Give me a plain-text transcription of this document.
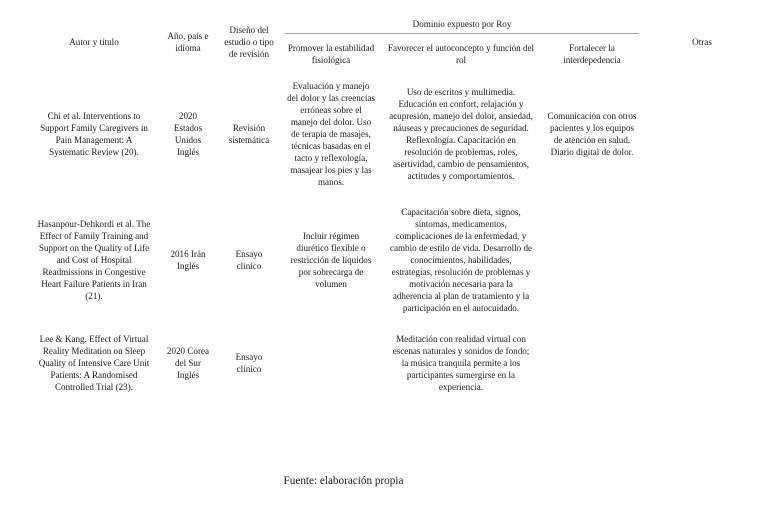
Autor y título	Año, país e idioma	Diseño del estudio o tipo de revisión	Dominio expuesto por Roy			Otras
			Promover la estabilidad fisiológica	Favorecer el autoconcepto y función del rol	Fortalecer la interdepedencia	
Chi et al. Interventions to Support Family Caregivers in Pain Management: A Systematic Review (20).	2020 Estados Unidos Inglés	Revisión sistemática	Evaluación y manejo del dolor y las creencias erróneas sobre el manejo del dolor. Uso de terapia de masajes, técnicas basadas en el tacto y reflexología, masajear los pies y las manos.	Uso de escritos y multimedia. Educación en confort, relajación y acupresión, manejo del dolor, ansiedad, náuseas y precauciones de seguridad. Reflexología. Capacitación en resolución de problemas, roles, asertividad, cambio de pensamientos, actitudes y comportamientos.	Comunicación con otros pacientes y los equipos de atención en salud. Diario digital de dolor.	
Hasanpour-Dehkordi et al. The Effect of Family Training and Support on the Quality of Life and Cost of Hospital Readmissions in Congestive Heart Failure Patients in Iran (21).	2016 Irán Inglés	Ensayo clínico	Incluir régimen diurético flexible o restricción de líquidos por sobrecarga de volumen	Capacitación sobre dieta, signos, síntomas, medicamentos, complicaciones de la enfermedad, y cambio de estilo de vida. Desarrollo de conocimientos, habilidades, estrategias, resolución de problemas y motivación necesaria para la adherencia al plan de tratamiento y la participación en el autocuidado.		
Lee & Kang. Effect of Virtual Reality Meditation on Sleep Quality of Intensive Care Unit Patients: A Randomised Controlled Trial (23).	2020 Corea del Sur Inglés	Ensayo clínico		Meditación con realidad virtual con escenas naturales y sonidos de fondo; la música tranquila permite a los participantes sumergirse en la experiencia.		
Fuente: elaboración propia
